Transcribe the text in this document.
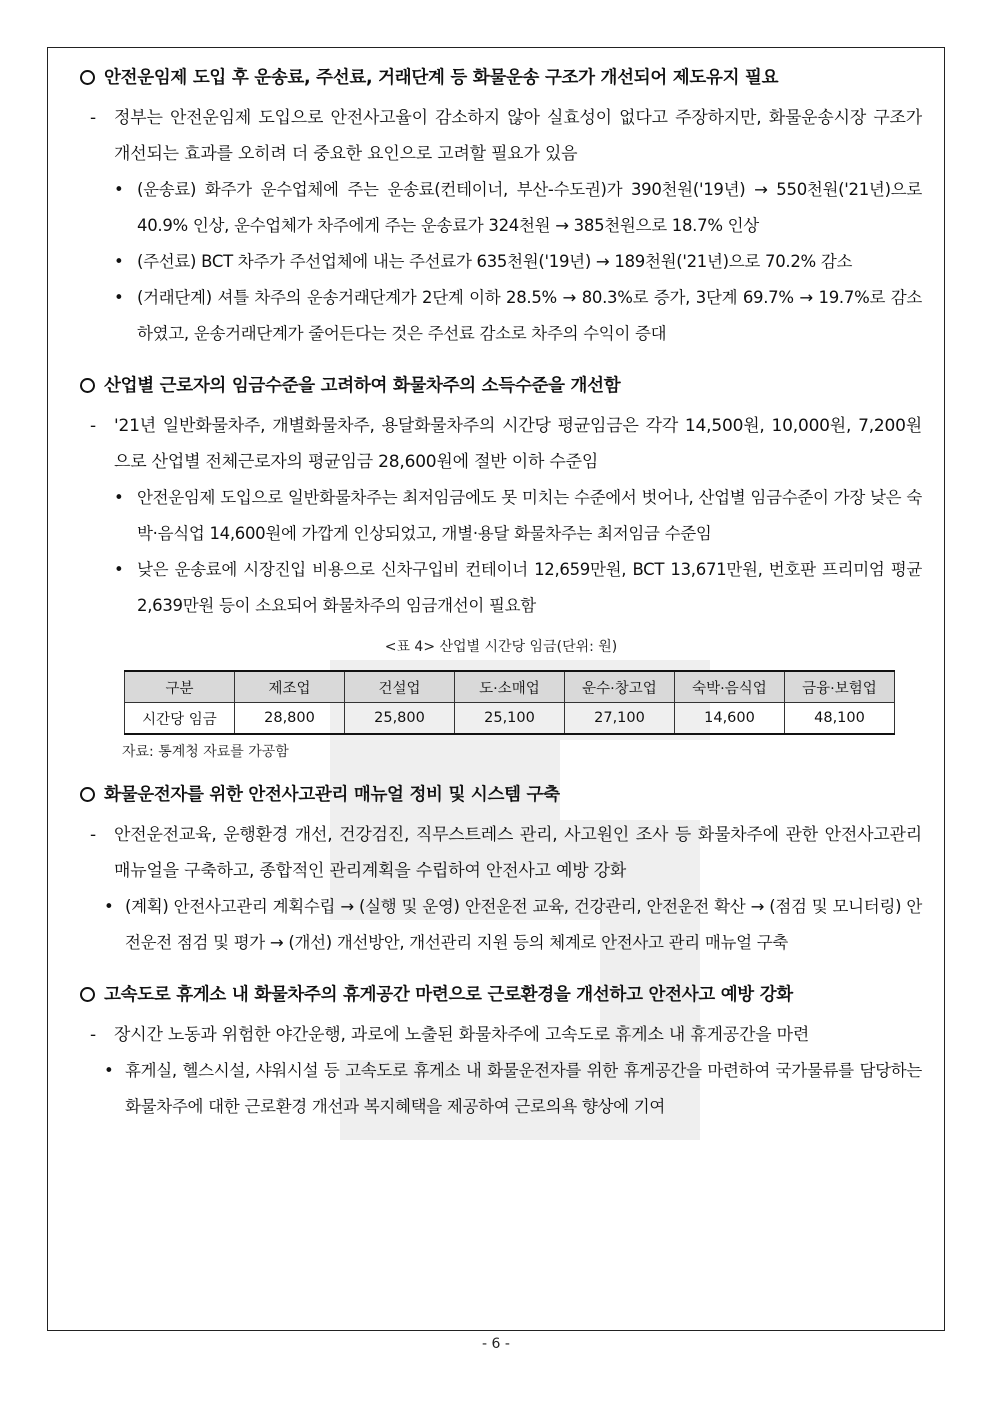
안전운임제 도입 후 운송료, 주선료, 거래단계 등 화물운송 구조가 개선되어 제도유지 필요
- 정부는 안전운임제 도입으로 안전사고율이 감소하지 않아 실효성이 없다고 주장하지만, 화물운송시장 구조가 개선되는 효과를 오히려 더 중요한 요인으로 고려할 필요가 있음
• (운송료) 화주가 운수업체에 주는 운송료(컨테이너, 부산-수도권)가 390천원('19년) → 550천원('21년)으로 40.9% 인상, 운수업체가 차주에게 주는 운송료가 324천원 → 385천원으로 18.7% 인상
• (주선료) BCT 차주가 주선업체에 내는 주선료가 635천원('19년) → 189천원('21년)으로 70.2% 감소
• (거래단계) 셔틀 차주의 운송거래단계가 2단계 이하 28.5% → 80.3%로 증가, 3단계 69.7% → 19.7%로 감소하였고, 운송거래단계가 줄어든다는 것은 주선료 감소로 차주의 수익이 증대
산업별 근로자의 임금수준을 고려하여 화물차주의 소득수준을 개선함
- '21년 일반화물차주, 개별화물차주, 용달화물차주의 시간당 평균임금은 각각 14,500원, 10,000원, 7,200원으로 산업별 전체근로자의 평균임금 28,600원에 절반 이하 수준임
• 안전운임제 도입으로 일반화물차주는 최저임금에도 못 미치는 수준에서 벗어나, 산업별 임금수준이 가장 낮은 숙박·음식업 14,600원에 가깝게 인상되었고, 개별·용달 화물차주는 최저임금 수준임
• 낮은 운송료에 시장진입 비용으로 신차구입비 컨테이너 12,659만원, BCT 13,671만원, 번호판 프리미엄 평균 2,639만원 등이 소요되어 화물차주의 임금개선이 필요함
<표 4> 산업별 시간당 임금(단위: 원)
구분	제조업	건설업	도·소매업	운수·창고업	숙박·음식업	금융·보험업
시간당 임금	28,800	25,800	25,100	27,100	14,600	48,100
자료: 통계청 자료를 가공함
화물운전자를 위한 안전사고관리 매뉴얼 정비 및 시스템 구축
- 안전운전교육, 운행환경 개선, 건강검진, 직무스트레스 관리, 사고원인 조사 등 화물차주에 관한 안전사고관리 매뉴얼을 구축하고, 종합적인 관리계획을 수립하여 안전사고 예방 강화
• (계획) 안전사고관리 계획수립 → (실행 및 운영) 안전운전 교육, 건강관리, 안전운전 확산 → (점검 및 모니터링) 안전운전 점검 및 평가 → (개선) 개선방안, 개선관리 지원 등의 체계로 안전사고 관리 매뉴얼 구축
고속도로 휴게소 내 화물차주의 휴게공간 마련으로 근로환경을 개선하고 안전사고 예방 강화
- 장시간 노동과 위험한 야간운행, 과로에 노출된 화물차주에 고속도로 휴게소 내 휴게공간을 마련
• 휴게실, 헬스시설, 샤워시설 등 고속도로 휴게소 내 화물운전자를 위한 휴게공간을 마련하여 국가물류를 담당하는 화물차주에 대한 근로환경 개선과 복지혜택을 제공하여 근로의욕 향상에 기여
- 6 -
